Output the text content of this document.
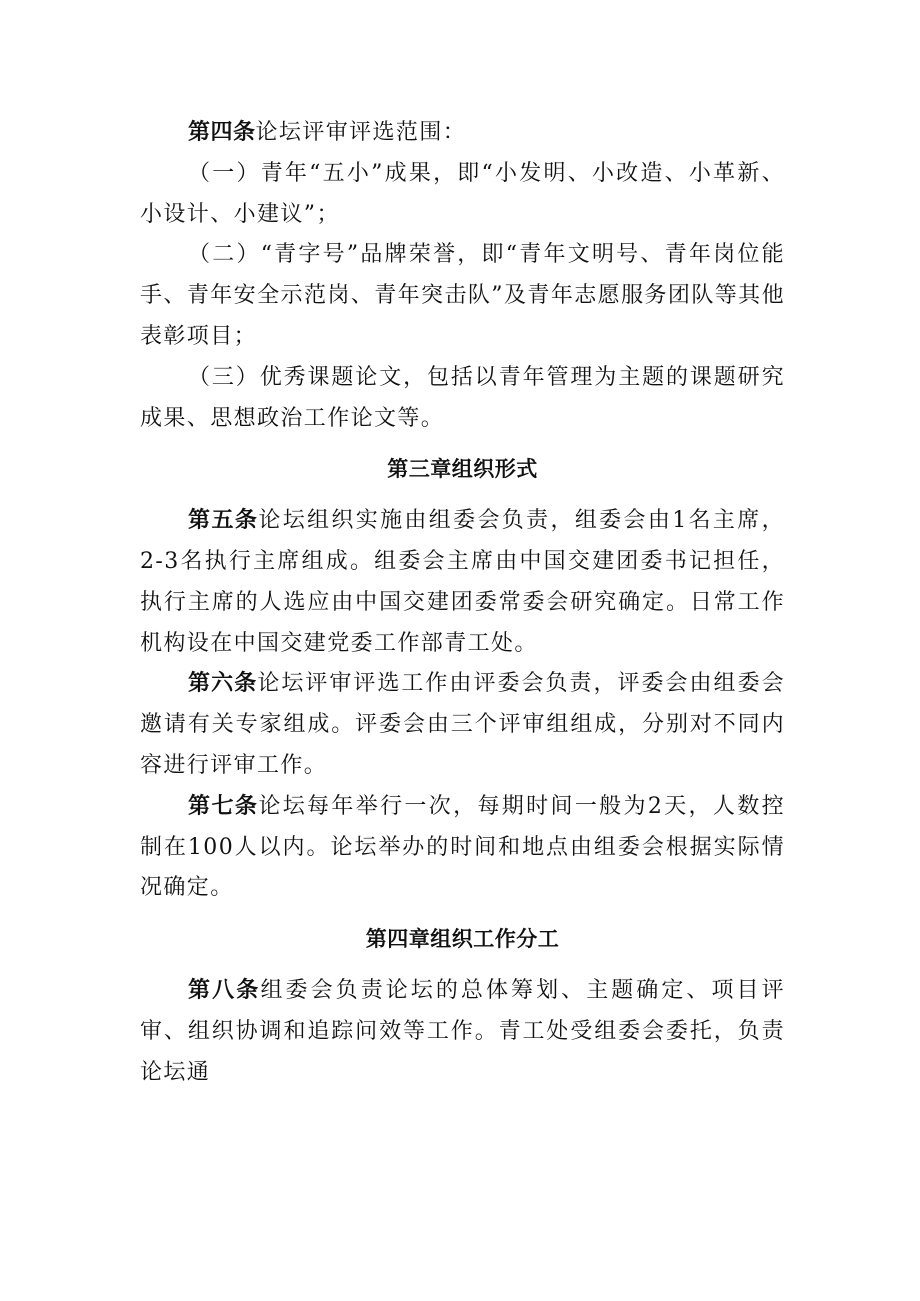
第四条论坛评审评选范围：

（一）青年“五小”成果，即“小发明、小改造、小革新、小设计、小建议”；

（二）“青字号”品牌荣誉，即“青年文明号、青年岗位能手、青年安全示范岗、青年突击队”及青年志愿服务团队等其他表彰项目；

（三）优秀课题论文，包括以青年管理为主题的课题研究成果、思想政治工作论文等。

第三章组织形式

第五条论坛组织实施由组委会负责，组委会由1名主席，2-3名执行主席组成。组委会主席由中国交建团委书记担任，执行主席的人选应由中国交建团委常委会研究确定。日常工作机构设在中国交建党委工作部青工处。

第六条论坛评审评选工作由评委会负责，评委会由组委会邀请有关专家组成。评委会由三个评审组组成，分别对不同内容进行评审工作。

第七条论坛每年举行一次，每期时间一般为2天，人数控制在100人以内。论坛举办的时间和地点由组委会根据实际情况确定。

第四章组织工作分工

第八条组委会负责论坛的总体筹划、主题确定、项目评审、组织协调和追踪问效等工作。青工处受组委会委托，负责论坛通
